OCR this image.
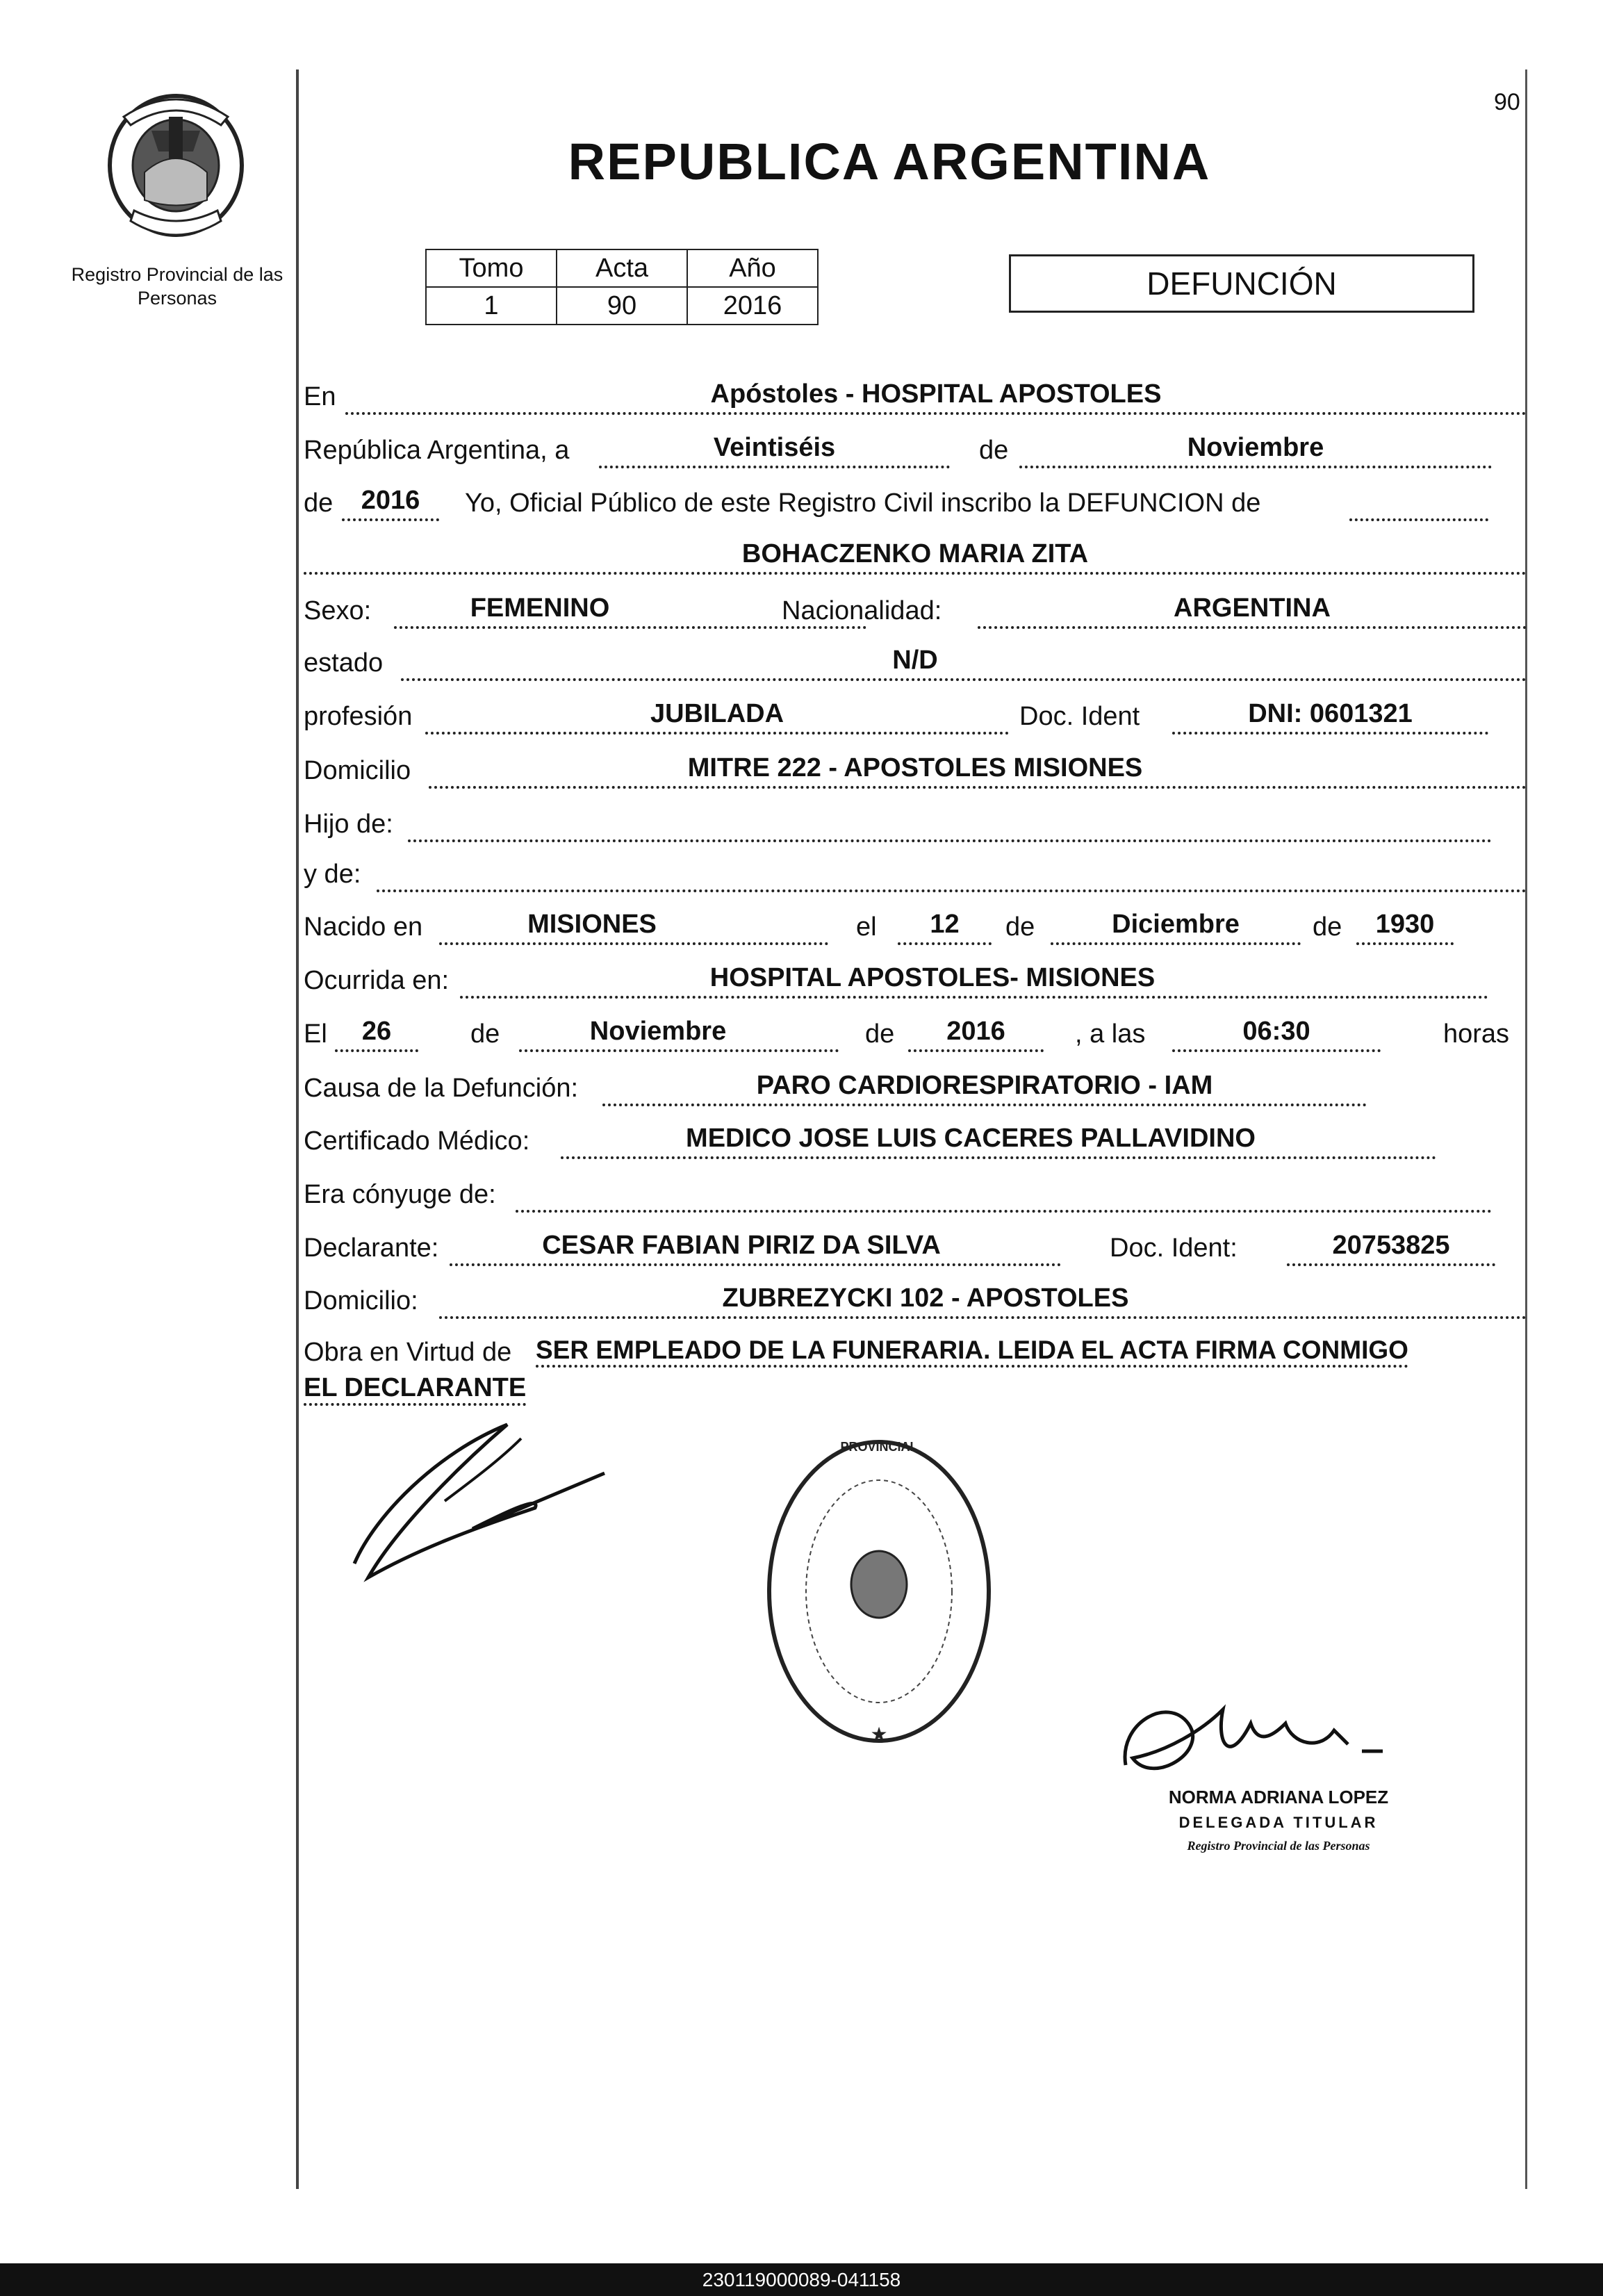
Registro Provincial de las Personas
90
REPUBLICA ARGENTINA
Tomo	Acta	Año
1	90	2016
DEFUNCIÓN
En	Apóstoles - HOSPITAL APOSTOLES
República Argentina, a	Veintiséis	de	Noviembre
de	2016	Yo, Oficial Público de este Registro Civil inscribo la DEFUNCION de
BOHACZENKO MARIA ZITA
Sexo:	FEMENINO	Nacionalidad:	ARGENTINA
estado	N/D
profesión	JUBILADA	Doc. Ident	DNI: 0601321
Domicilio	MITRE 222 - APOSTOLES MISIONES
Hijo de:
y de:
Nacido en	MISIONES	el	12	de	Diciembre	de	1930
Ocurrida en:	HOSPITAL APOSTOLES- MISIONES
El	26	de	Noviembre	de	2016	, a las	06:30	horas
Causa de la Defunción:	PARO CARDIORESPIRATORIO - IAM
Certificado Médico:	MEDICO JOSE LUIS CACERES PALLAVIDINO
Era cónyuge de:
Declarante:	CESAR FABIAN PIRIZ DA SILVA	Doc. Ident:	20753825
Domicilio:	ZUBREZYCKI 102 - APOSTOLES
Obra en Virtud de SER EMPLEADO DE LA FUNERARIA. LEIDA EL ACTA FIRMA CONMIGO
EL DECLARANTE
PROVINCIAL
★
NORMA ADRIANA LOPEZ
DELEGADA TITULAR
Registro Provincial de las Personas
230119000089-041158
